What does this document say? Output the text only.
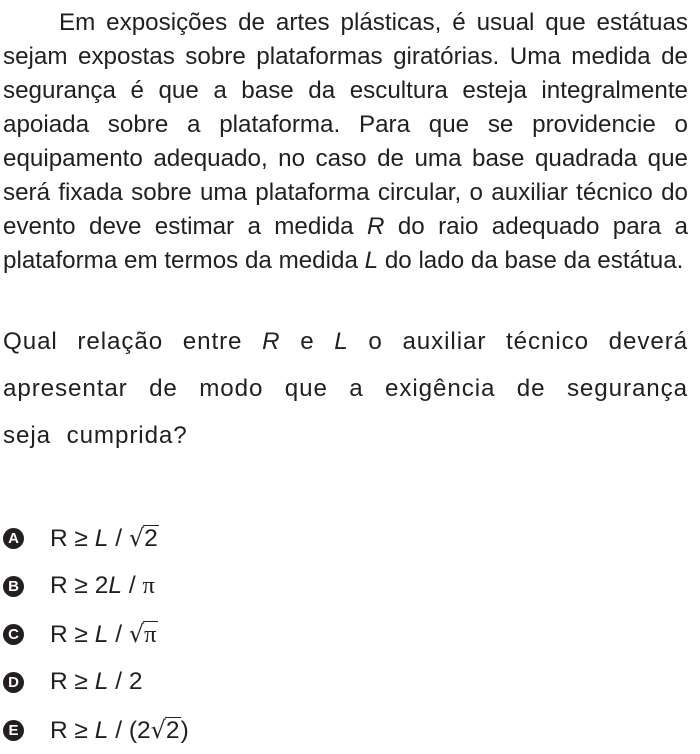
Em exposições de artes plásticas, é usual que estátuas sejam expostas sobre plataformas giratórias. Uma medida de segurança é que a base da escultura esteja integralmente apoiada sobre a plataforma. Para que se providencie o equipamento adequado, no caso de uma base quadrada que será fixada sobre uma plataforma circular, o auxiliar técnico do evento deve estimar a medida R do raio adequado para a plataforma em termos da medida L do lado da base da estátua.

Qual relação entre R e L o auxiliar técnico deverá apresentar de modo que a exigência de segurança seja cumprida?

A R ≥ L / √ 2
B R ≥ 2 L / π
C R ≥ L / √ π
D R ≥ L / 2
E R ≥ L / (2 √ 2 )
